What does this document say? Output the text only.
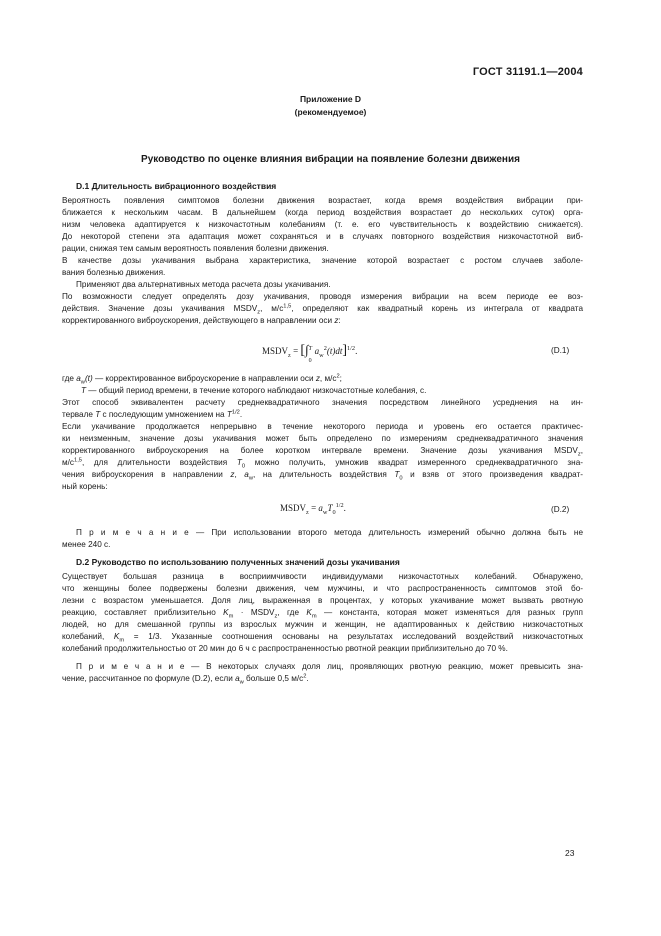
ГОСТ 31191.1—2004
Приложение D
(рекомендуемое)
Руководство по оценке влияния вибрации на появление болезни движения
D.1 Длительность вибрационного воздействия
Вероятность появления симптомов болезни движения возрастает, когда время воздействия вибрации при-
ближается к нескольким часам. В дальнейшем (когда период воздействия возрастает до нескольких суток) орга-
низм человека адаптируется к низкочастотным колебаниям (т. е. его чувствительность к воздействию снижается).
До некоторой степени эта адаптация может сохраняться и в случаях повторного воздействия низкочастотной виб-
рации, снижая тем самым вероятность появления болезни движения.
В качестве дозы укачивания выбрана характеристика, значение которой возрастает с ростом случаев заболе-
вания болезнью движения.
Применяют два альтернативных метода расчета дозы укачивания.
По возможности следует определять дозу укачивания, проводя измерения вибрации на всем периоде ее воз-
действия. Значение дозы укачивания $MSDV_z$, $м/с^{1,5}$, определяют как квадратный корень из интеграла от квадрата
корректированного виброускорения, действующего в направлении оси z:
$MSDV_z$ = [∫ T
0
$a_w^2(t)dt]^{1/2}$.	(D.1)
где $a_w(t)$ — корректированное виброускорение в направлении оси z, $м/с^2$;
T — общий период времени, в течение которого наблюдают низкочастотные колебания, с.
Этот способ эквивалентен расчету среднеквадратичного значения посредством линейного усреднения на ин-
тервале T с последующим умножением на $T^{1/2}$.
Если укачивание продолжается непрерывно в течение некоторого периода и уровень его остается практичес-
ки неизменным, значение дозы укачивания может быть определено по измерениям среднеквадратичного значения
корректированного виброускорения на более коротком интервале времени. Значение дозы укачивания $MSDV_z$,
$м/с^{1,5}$, для длительности воздействия $T_0$ можно получить, умножив квадрат измеренного среднеквадратичного зна-
чения виброускорения в направлении z, $a_w$, на длительность воздействия $T_0$ и взяв от этого произведения квадрат-
ный корень:
$MSDV_z = a_wT_0^{1/2}$.	(D.2)
П р и м е ч а н и е — При использовании второго метода длительность измерений обычно должна быть не
менее 240 с.
D.2 Руководство по использованию полученных значений дозы укачивания
Существует большая разница в восприимчивости индивидуумами низкочастотных колебаний. Обнаружено,
что женщины более подвержены болезни движения, чем мужчины, и что распространенность симптомов этой бо-
лезни с возрастом уменьшается. Доля лиц, выраженная в процентах, у которых укачивание может вызвать рвотную
реакцию, составляет приблизительно $K_m$ · $MSDV_z$, где $K_m$ — константа, которая может изменяться для разных групп
людей, но для смешанной группы из взрослых мужчин и женщин, не адаптированных к действию низкочастотных
колебаний, $K_m = 1/3$. Указанные соотношения основаны на результатах исследований воздействий низкочастотных
колебаний продолжительностью от 20 мин до 6 ч с распространенностью рвотной реакции приблизительно до 70 %.
П р и м е ч а н и е — В некоторых случаях доля лиц, проявляющих рвотную реакцию, может превысить зна-
чение, рассчитанное по формуле (D.2), если $a_w$ больше 0,5 $м/с^2$.
23
